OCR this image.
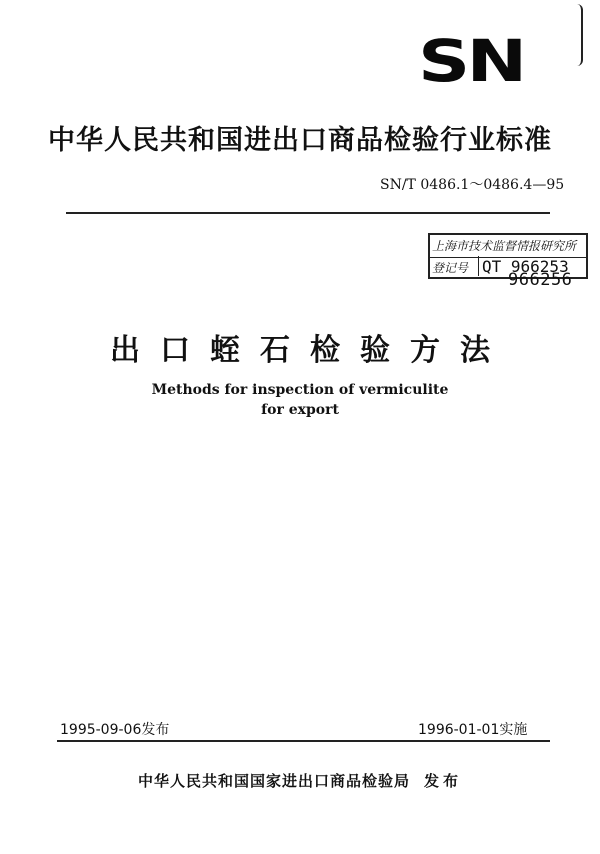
SN
中华人民共和国进出口商品检验行业标准
SN/T 0486.1～0486.4—95
上海市技术监督情报研究所
登记号 QT 966253
966256
出口蛭石检验方法
Methods for inspection of vermiculite
for export
1995-09-06发布	1996-01-01实施
中华人民共和国国家进出口商品检验局 发布
